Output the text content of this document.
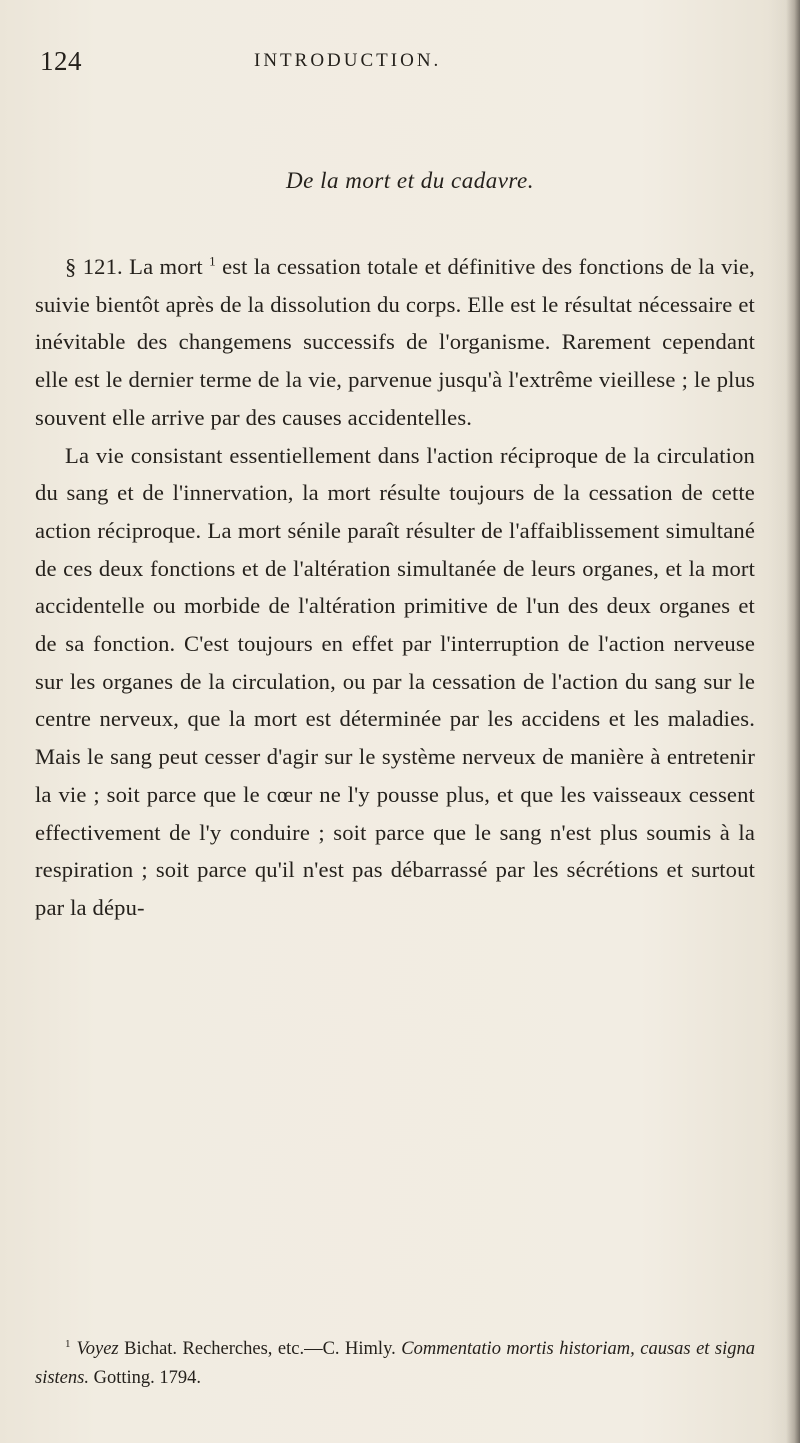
124	INTRODUCTION.
De la mort et du cadavre.

§ 121. La mort $^1$ est la cessation totale et définitive des fonctions de la vie, suivie bientôt après de la dissolution du corps. Elle est le résultat nécessaire et inévitable des changemens successifs de l'organisme. Rarement cependant elle est le dernier terme de la vie, parvenue jusqu'à l'extrême vieillese ; le plus souvent elle arrive par des causes accidentelles.

La vie consistant essentiellement dans l'action réciproque de la circulation du sang et de l'innervation, la mort résulte toujours de la cessation de cette action réciproque. La mort sénile paraît résulter de l'affaiblissement simultané de ces deux fonctions et de l'altération simultanée de leurs organes, et la mort accidentelle ou morbide de l'altération primitive de l'un des deux organes et de sa fonction. C'est toujours en effet par l'interruption de l'action nerveuse sur les organes de la circulation, ou par la cessation de l'action du sang sur le centre nerveux, que la mort est déterminée par les accidens et les maladies. Mais le sang peut cesser d'agir sur le système nerveux de manière à entretenir la vie ; soit parce que le cœur ne l'y pousse plus, et que les vaisseaux cessent effectivement de l'y conduire ; soit parce que le sang n'est plus soumis à la respiration ; soit parce qu'il n'est pas débarrassé par les sécrétions et surtout par la dépu-

$^1$ Voyez Bichat. Recherches, etc.—C. Himly. Commentatio mortis historiam, causas et signa sistens. Gotting. 1794.
